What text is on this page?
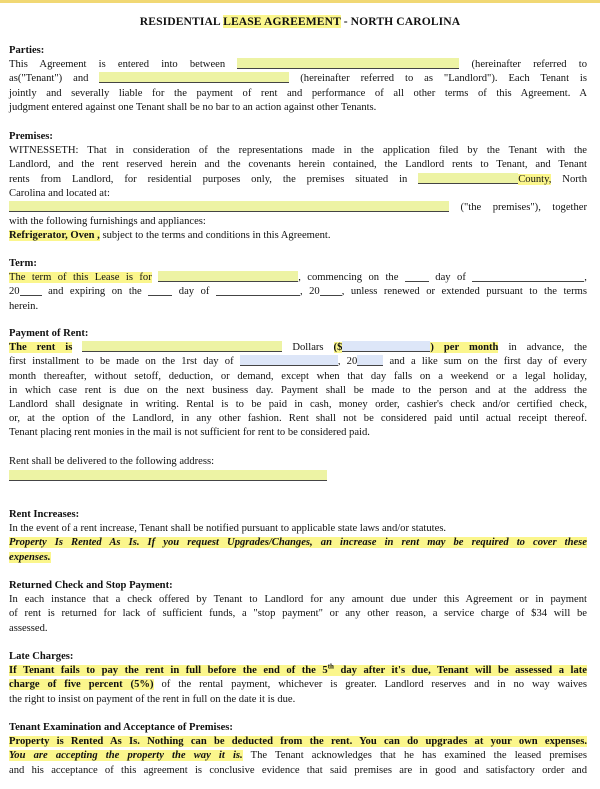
RESIDENTIAL LEASE AGREEMENT - NORTH CAROLINA

Parties:

This Agreement is entered into between	(hereinafter referred to

as("Tenant") and	(hereinafter referred to as "Landlord"). Each Tenant is

jointly and severally liable for the payment of rent and performance of all other terms of this Agreement. A

judgment entered against one Tenant shall be no bar to an action against other Tenants.

Premises:

WITNESSETH: That in consideration of the representations made in the application filed by the Tenant with the

Landlord, and the rent reserved herein and the covenants herein contained, the Landlord rents to Tenant, and Tenant

rents from Landlord, for residential purposes only, the premises situated in	County, North

Carolina and located at:

("the premises"), together

with the following furnishings and appliances:

Refrigerator, Oven , subject to the terms and conditions in this Agreement.

Term:

The term of this Lease is for	, commencing on the	day of	,

20	and expiring on the	day of	, 20 , unless renewed or extended pursuant to the terms

herein.

Payment of Rent:

The rent is	Dollars ($	) per month in advance, the

first installment to be made on the 1rst day of	, 20	and a like sum on the first day of every

month thereafter, without setoff, deduction, or demand, except when that day falls on a weekend or a legal holiday,

in which case rent is due on the next business day. Payment shall be made to the person and at the address the

Landlord shall designate in writing. Rental is to be paid in cash, money order, cashier's check and/or certified check,

or, at the option of the Landlord, in any other fashion. Rent shall not be considered paid until actual receipt thereof.

Tenant placing rent monies in the mail is not sufficient for rent to be considered paid.

Rent shall be delivered to the following address:

Rent Increases:

In the event of a rent increase, Tenant shall be notified pursuant to applicable state laws and/or statutes.

Property Is Rented As Is. If you request Upgrades/Changes, an increase in rent may be required to cover these

expenses.

Returned Check and Stop Payment:

In each instance that a check offered by Tenant to Landlord for any amount due under this Agreement or in payment

of rent is returned for lack of sufficient funds, a "stop payment" or any other reason, a service charge of $34 will be

assessed.

Late Charges:

If Tenant fails to pay the rent in full before the end of the 5th day after it's due, Tenant will be assessed a late

charge of five percent (5%) of the rental payment, whichever is greater. Landlord reserves and in no way waives

the right to insist on payment of the rent in full on the date it is due.

Tenant Examination and Acceptance of Premises:

Property is Rented As Is. Nothing can be deducted from the rent. You can do upgrades at your own expenses.

You are accepting the property the way it is. The Tenant acknowledges that he has examined the leased premises

and his acceptance of this agreement is conclusive evidence that said premises are in good and satisfactory order and
